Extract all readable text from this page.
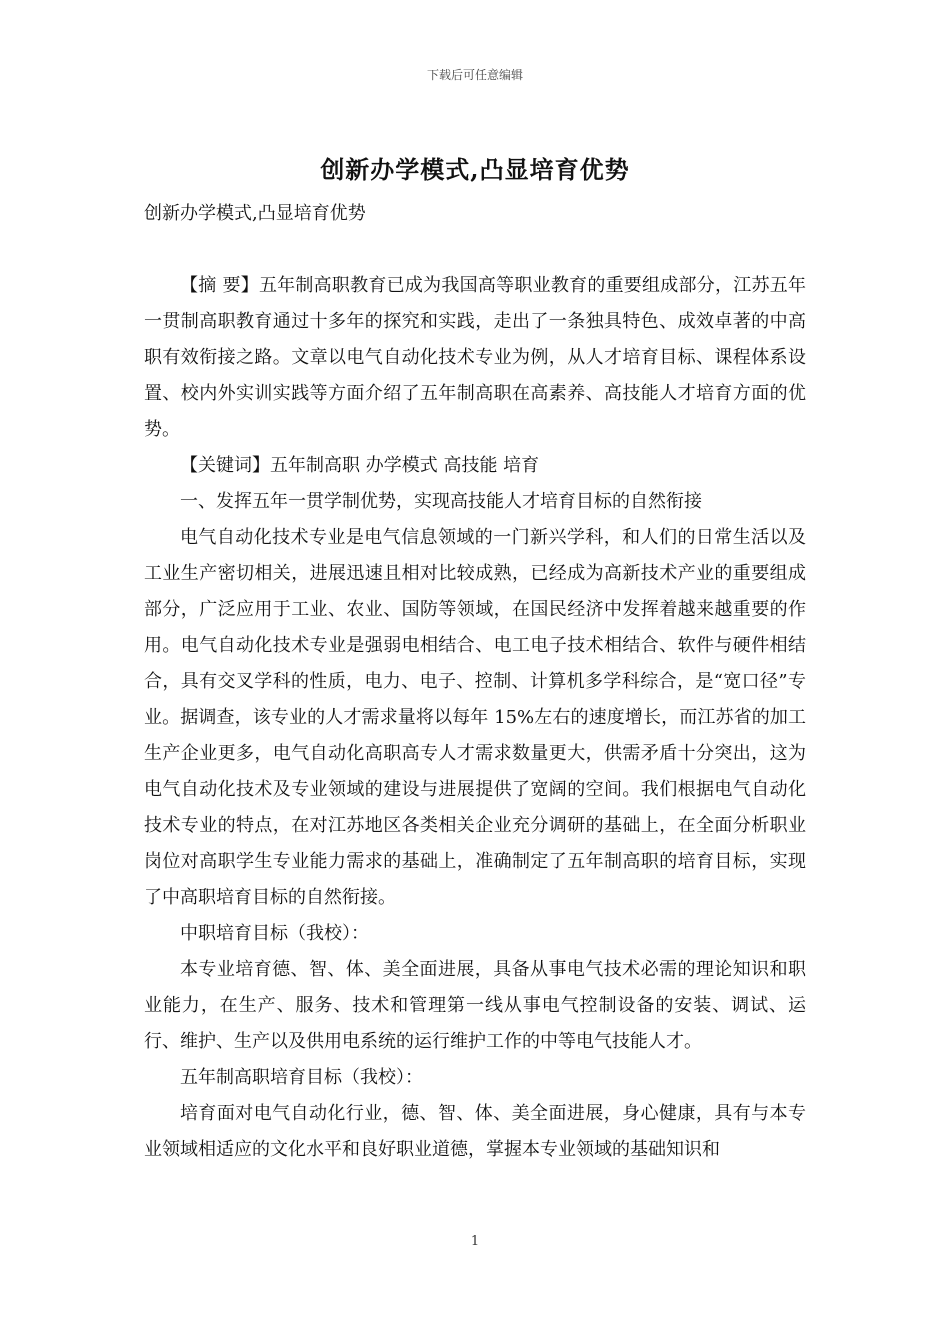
下载后可任意编辑
创新办学模式,凸显培育优势

创新办学模式,凸显培育优势

【摘 要】五年制高职教育已成为我国高等职业教育的重要组成部分，江苏五年一贯制高职教育通过十多年的探究和实践，走出了一条独具特色、成效卓著的中高职有效衔接之路。文章以电气自动化技术专业为例，从人才培育目标、课程体系设置、校内外实训实践等方面介绍了五年制高职在高素养、高技能人才培育方面的优势。

【关键词】五年制高职 办学模式 高技能 培育

一、发挥五年一贯学制优势，实现高技能人才培育目标的自然衔接

电气自动化技术专业是电气信息领域的一门新兴学科，和人们的日常生活以及工业生产密切相关，进展迅速且相对比较成熟，已经成为高新技术产业的重要组成部分，广泛应用于工业、农业、国防等领域，在国民经济中发挥着越来越重要的作用。电气自动化技术专业是强弱电相结合、电工电子技术相结合、软件与硬件相结合，具有交叉学科的性质，电力、电子、控制、计算机多学科综合，是“宽口径”专业。据调查，该专业的人才需求量将以每年 15%左右的速度增长，而江苏省的加工生产企业更多，电气自动化高职高专人才需求数量更大，供需矛盾十分突出，这为电气自动化技术及专业领域的建设与进展提供了宽阔的空间。我们根据电气自动化技术专业的特点，在对江苏地区各类相关企业充分调研的基础上，在全面分析职业岗位对高职学生专业能力需求的基础上，准确制定了五年制高职的培育目标，实现了中高职培育目标的自然衔接。

中职培育目标（我校）：

本专业培育德、智、体、美全面进展，具备从事电气技术必需的理论知识和职业能力，在生产、服务、技术和管理第一线从事电气控制设备的安装、调试、运行、维护、生产以及供用电系统的运行维护工作的中等电气技能人才。

五年制高职培育目标（我校）：

培育面对电气自动化行业，德、智、体、美全面进展，身心健康，具有与本专业领域相适应的文化水平和良好职业道德，掌握本专业领域的基础知识和

1
